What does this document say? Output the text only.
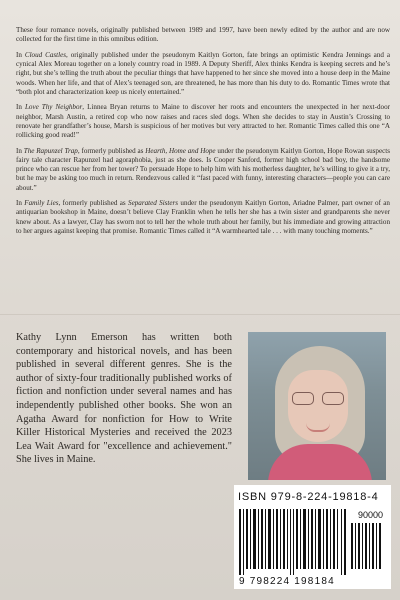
These four romance novels, originally published between 1989 and 1997, have been newly edited by the author and are now collected for the first time in this omnibus edition.

In Cloud Castles, originally published under the pseudonym Kaitlyn Gorton, fate brings an optimistic Kendra Jennings and a cynical Alex Moreau together on a lonely country road in 1989. A Deputy Sheriff, Alex thinks Kendra is keeping secrets and he’s right, but she’s telling the truth about the peculiar things that have happened to her since she moved into a house deep in the Maine woods. When her life, and that of Alex’s teenaged son, are threatened, he has more than his duty to do. Romantic Times wrote that “both plot and characterization keep us nicely entertained.”

In Love Thy Neighbor, Linnea Bryan returns to Maine to discover her roots and encounters the unexpected in her next-door neighbor, Marsh Austin, a retired cop who now raises and races sled dogs. When she decides to stay in Austin’s Crossing to renovate her grandfather’s house, Marsh is suspicious of her motives but very attracted to her. Romantic Times called this one “A rollicking good read!”

In The Rapunzel Trap, formerly published as Hearth, Home and Hope under the pseudonym Kaitlyn Gorton, Hope Rowan suspects fairy tale character Rapunzel had agoraphobia, just as she does. Is Cooper Sanford, former high school bad boy, the handsome prince who can rescue her from her tower? To persuade Hope to help him with his motherless daughter, he’s willing to give it a try, but he may be asking too much in return. Rendezvous called it “fast paced with funny, interesting characters—people you can care about.”

In Family Lies, formerly published as Separated Sisters under the pseudonym Kaitlyn Gorton, Ariadne Palmer, part owner of an antiquarian bookshop in Maine, doesn’t believe Clay Franklin when he tells her she has a twin sister and grandparents she never knew about. As a lawyer, Clay has sworn not to tell her the whole truth about her family, but his immediate and growing attraction to her argues against keeping that promise. Romantic Times called it “A warmhearted tale . . . with many touching moments.”

Kathy Lynn Emerson has written both contemporary and historical novels, and has been published in several different genres. She is the author of sixty-four traditionally published works of fiction and nonfiction under several names and has independently published other books. She won an Agatha Award for nonfiction for How to Write Killer Historical Mysteries and received the 2023 Lea Wait Award for "excellence and achievement." She lives in Maine.
ISBN 979-8-224-19818-4
90000
9 798224 198184
